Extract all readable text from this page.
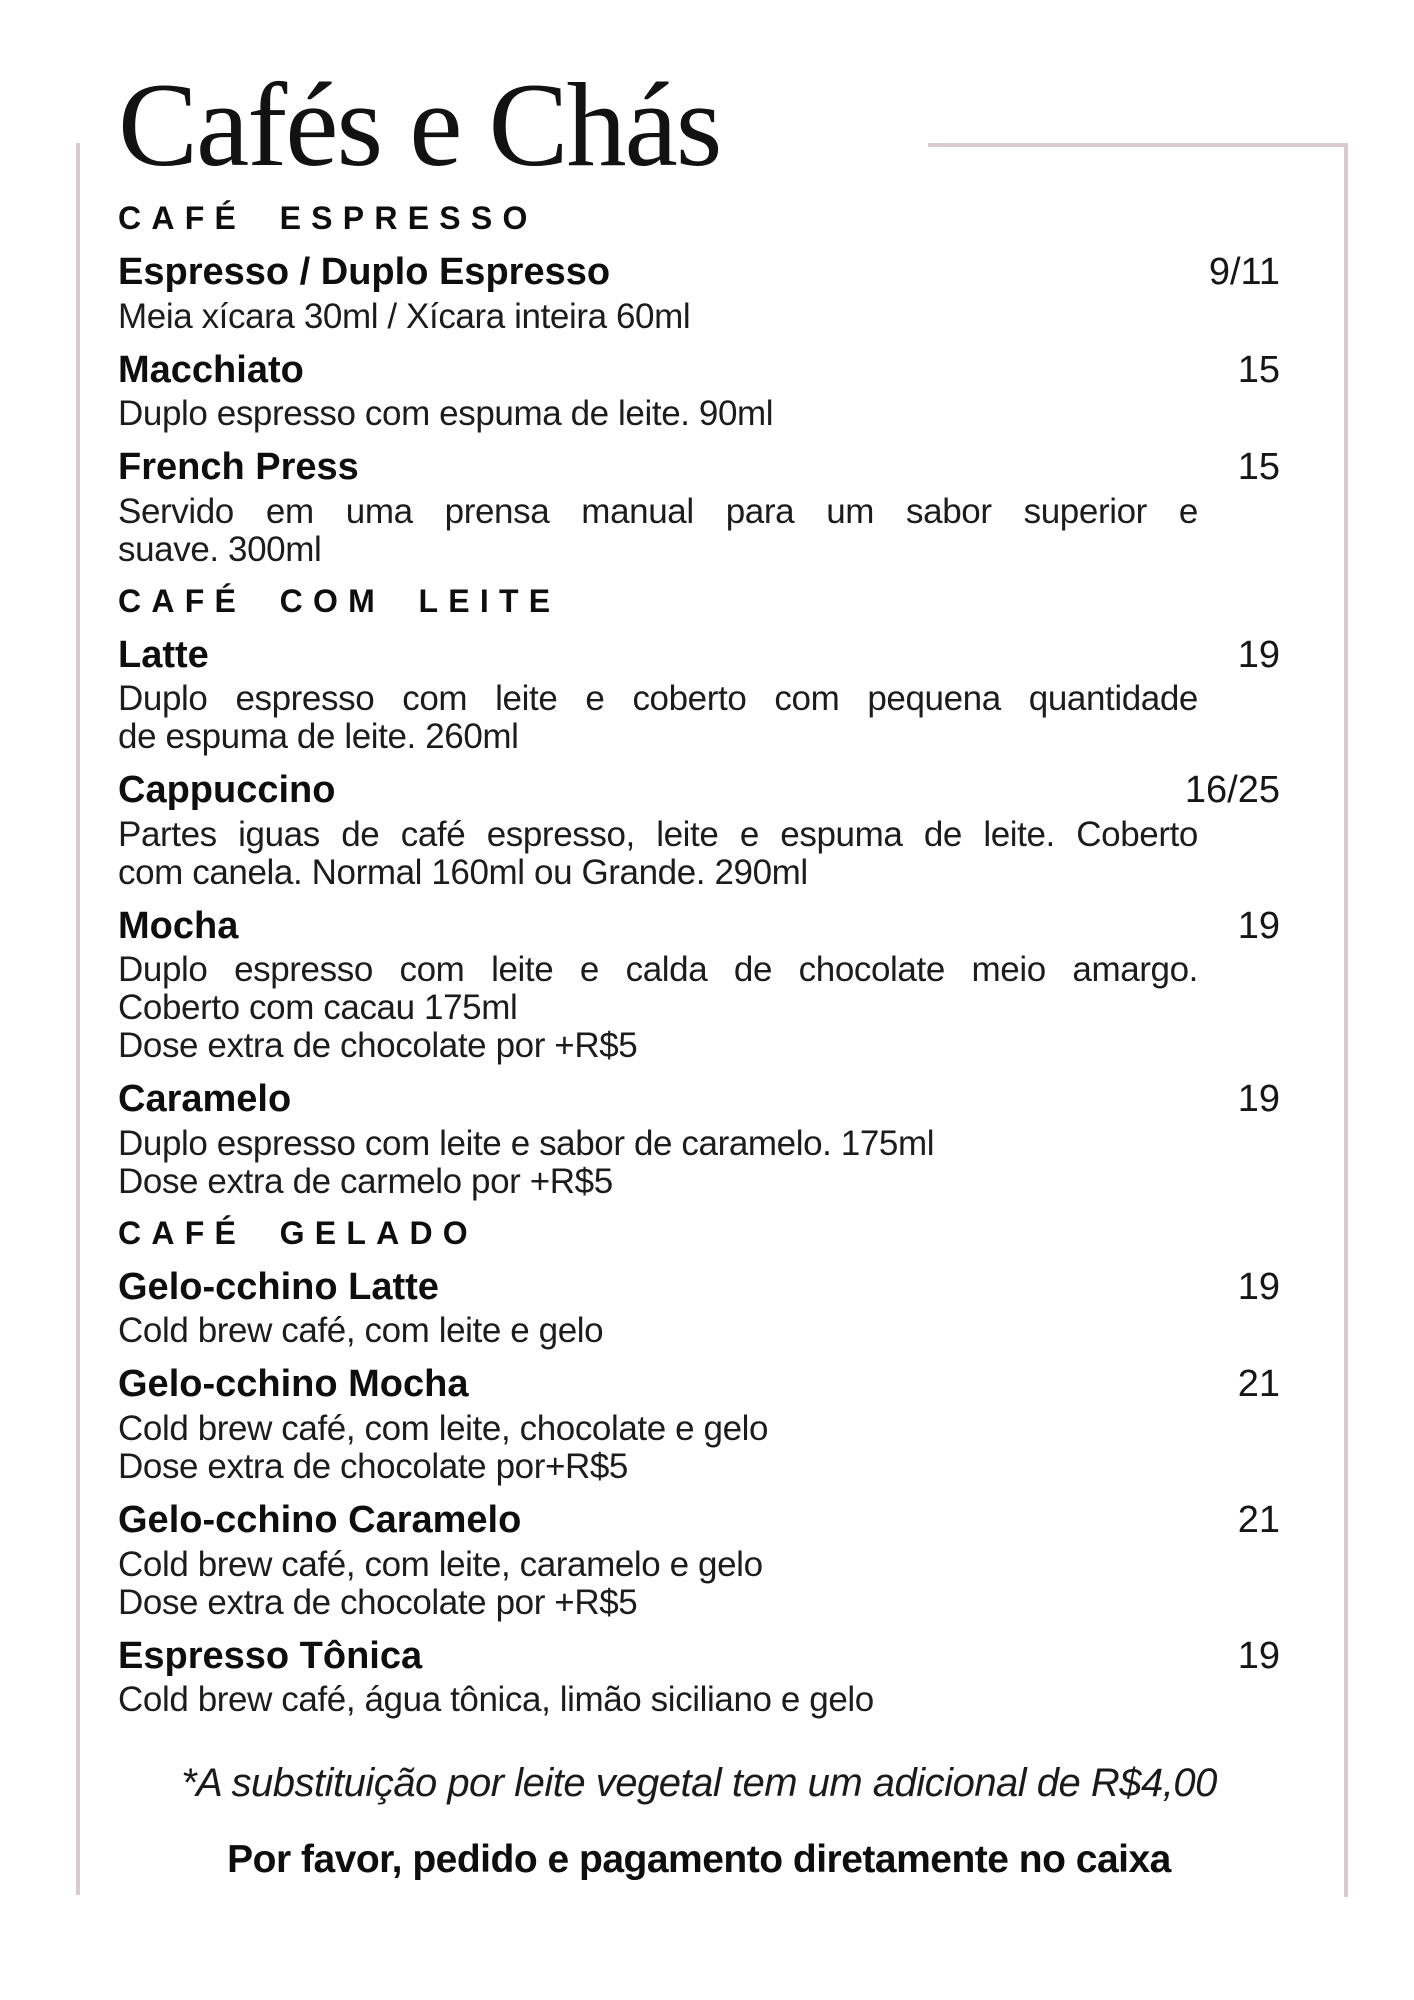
Cafés e Chás
CAFÉ ESPRESSO
Espresso / Duplo Espresso	9/11
Meia xícara 30ml / Xícara inteira 60ml
Macchiato	15
Duplo espresso com espuma de leite. 90ml
French Press	15
Servido em uma prensa manual para um sabor superior e
suave. 300ml
CAFÉ COM LEITE
Latte	19
Duplo espresso com leite e coberto com pequena quantidade
de espuma de leite. 260ml
Cappuccino	16/25
Partes iguas de café espresso, leite e espuma de leite. Coberto
com canela. Normal 160ml ou Grande. 290ml
Mocha	19
Duplo espresso com leite e calda de chocolate meio amargo.
Coberto com cacau 175ml
Dose extra de chocolate por +R$5
Caramelo	19
Duplo espresso com leite e sabor de caramelo. 175ml
Dose extra de carmelo por +R$5
CAFÉ GELADO
Gelo-cchino Latte	19
Cold brew café, com leite e gelo
Gelo-cchino Mocha	21
Cold brew café, com leite, chocolate e gelo
Dose extra de chocolate por+R$5
Gelo-cchino Caramelo	21
Cold brew café, com leite, caramelo e gelo
Dose extra de chocolate por +R$5
Espresso Tônica	19
Cold brew café, água tônica, limão siciliano e gelo
*A substituição por leite vegetal tem um adicional de R$4,00
Por favor, pedido e pagamento diretamente no caixa
